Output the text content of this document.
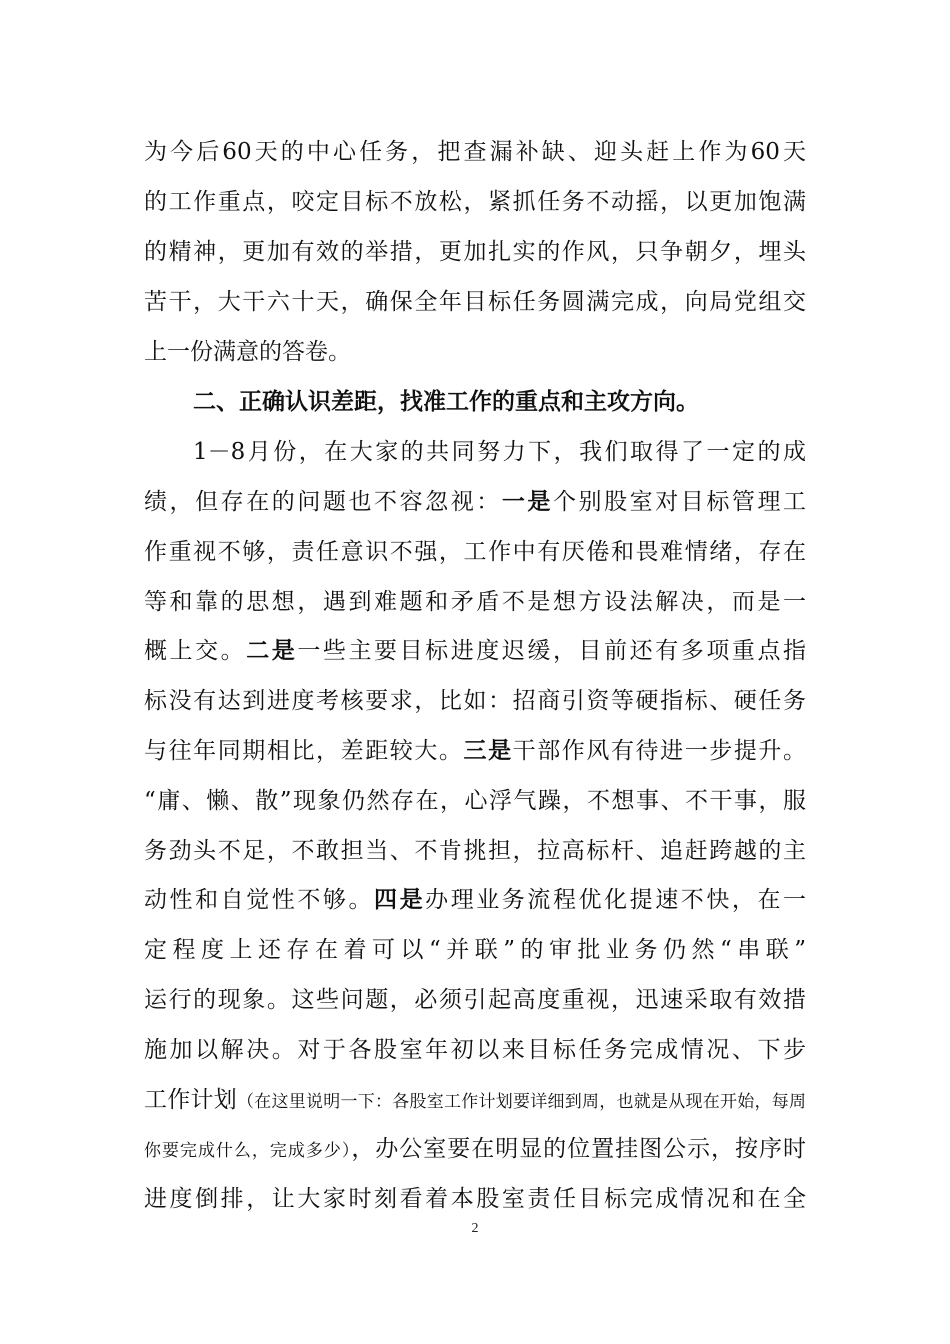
为今后60天的中心任务，把查漏补缺、迎头赶上作为60天
的工作重点，咬定目标不放松，紧抓任务不动摇，以更加饱满
的精神，更加有效的举措，更加扎实的作风，只争朝夕，埋头
苦干，大干六十天，确保全年目标任务圆满完成，向局党组交
上一份满意的答卷。
二、正确认识差距，找准工作的重点和主攻方向。
1－8月份，在大家的共同努力下，我们取得了一定的成
绩，但存在的问题也不容忽视：一是个别股室对目标管理工
作重视不够，责任意识不强，工作中有厌倦和畏难情绪，存在
等和靠的思想，遇到难题和矛盾不是想方设法解决，而是一
概上交。二是一些主要目标进度迟缓，目前还有多项重点指
标没有达到进度考核要求，比如：招商引资等硬指标、硬任务
与往年同期相比，差距较大。三是干部作风有待进一步提升。
“庸、懒、散”现象仍然存在，心浮气躁，不想事、不干事，服
务劲头不足，不敢担当、不肯挑担，拉高标杆、追赶跨越的主
动性和自觉性不够。四是办理业务流程优化提速不快，在一
定程度上还存在着可以“并联”的审批业务仍然“串联”
运行的现象。这些问题，必须引起高度重视，迅速采取有效措
施加以解决。对于各股室年初以来目标任务完成情况、下步
工作计划（在这里说明一下：各股室工作计划要详细到周，也就是从现在开始，每周
你要完成什么，完成多少），办公室要在明显的位置挂图公示，按序时
进度倒排，让大家时刻看着本股室责任目标完成情况和在全
2
